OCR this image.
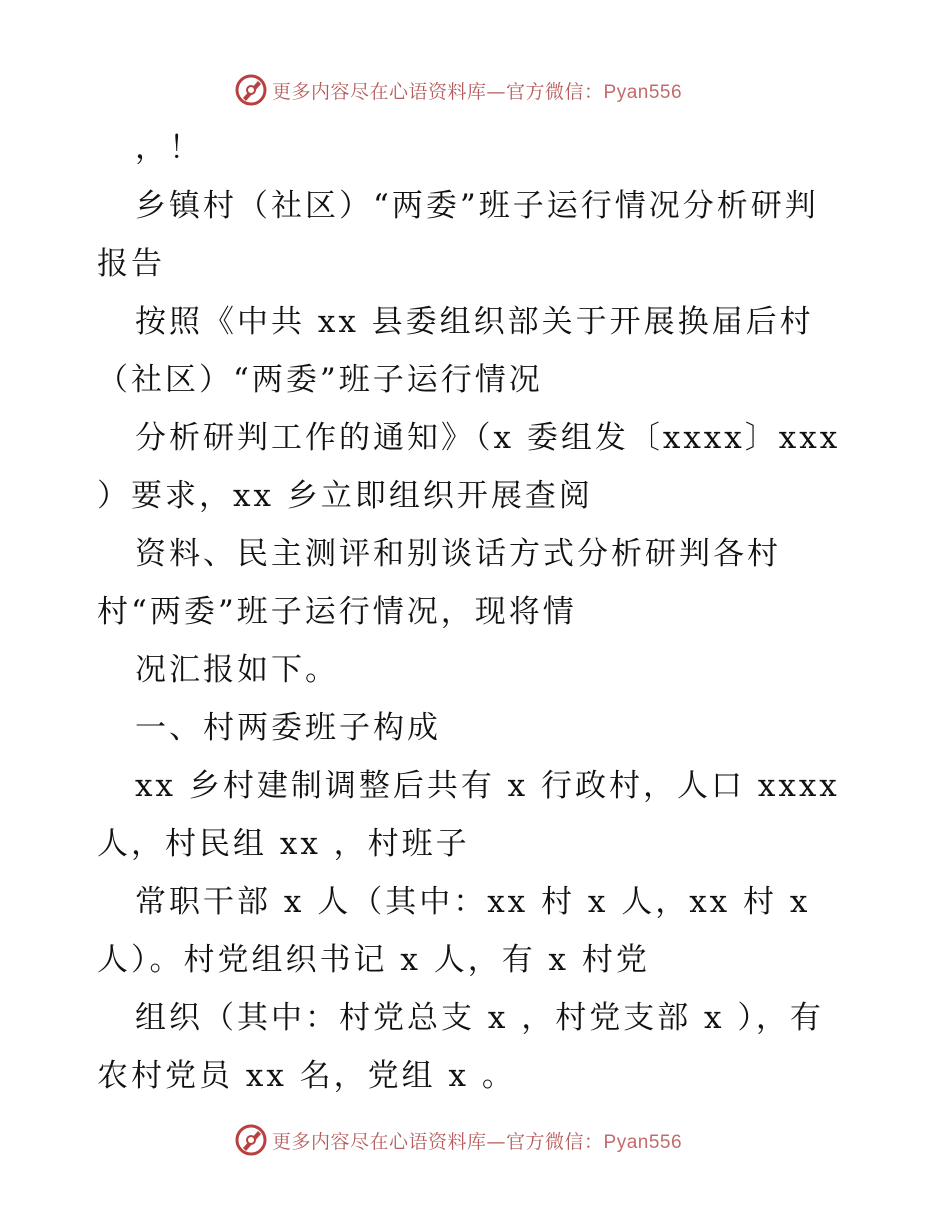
更多内容尽在心语资料库—官方微信：Pyan556
，！
乡镇村（社区）“两委”班子运行情况分析研判
报告
按照《中共 xx 县委组织部关于开展换届后村
（社区）“两委”班子运行情况
分析研判工作的通知》（x 委组发〔xxxx〕xxx
）要求，xx 乡立即组织开展查阅
资料、民主测评和别谈话方式分析研判各村
村“两委”班子运行情况，现将情
况汇报如下。
一、村两委班子构成
xx 乡村建制调整后共有 x 行政村，人口 xxxx
人，村民组 xx ，村班子
常职干部 x 人（其中：xx 村 x 人，xx 村 x
人）。村党组织书记 x 人，有 x 村党
组织（其中：村党总支 x ，村党支部 x ），有
农村党员 xx 名，党组 x 。
更多内容尽在心语资料库—官方微信：Pyan556
